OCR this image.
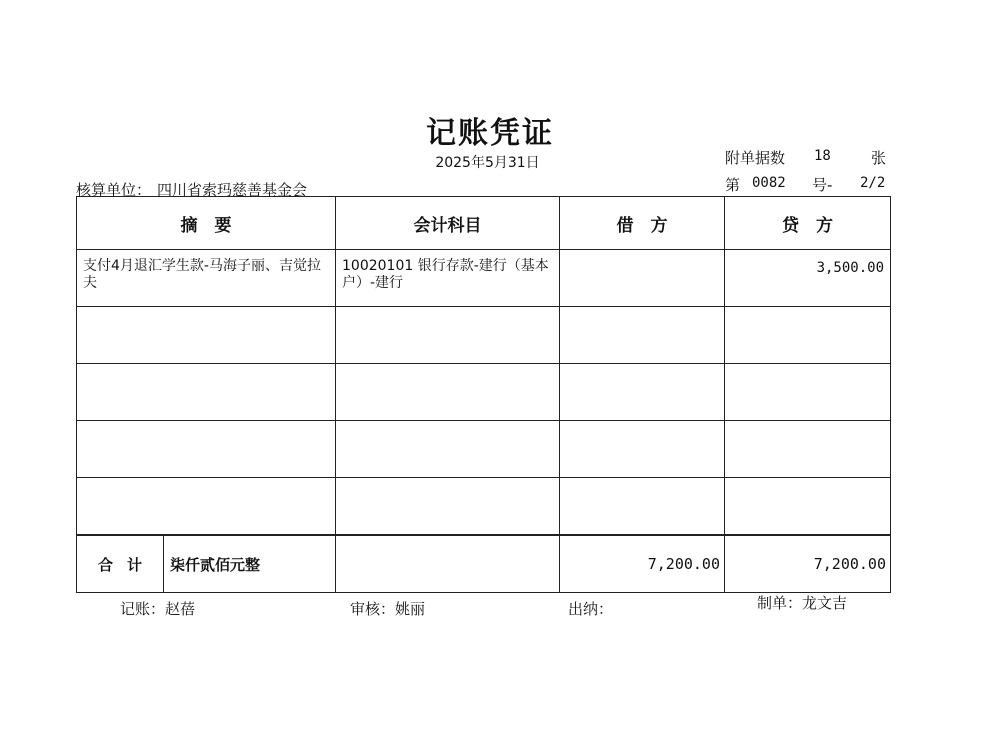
记账凭证
2025年5月31日
核算单位： 四川省索玛慈善基金会
附单据数 18	张
第 0082 号- 2/2
摘　要	会计科目	借　方	贷　方

支付4月退汇学生款-马海子丽、吉觉拉夫	10020101 银行存款-建行（基本户）-建行		3,500.00

合计 柒仟贰佰元整		7,200.00	7,200.00
记账：赵蓓	审核：姚丽	出纳：	制单：龙文吉
